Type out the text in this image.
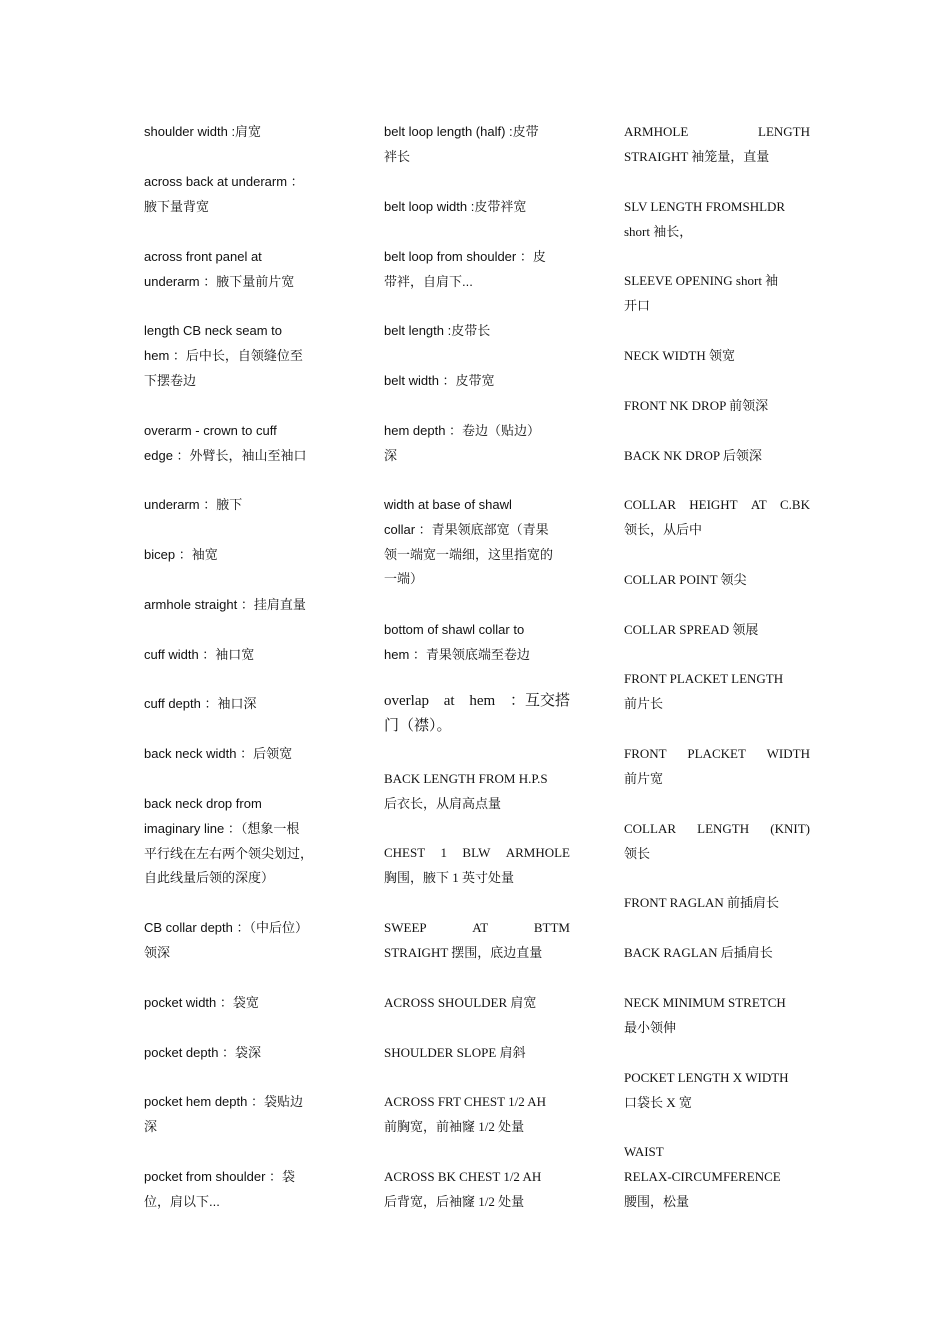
shoulder width :肩宽
across back at underarm ：
腋下量背宽
across front panel at
underarm ：腋下量前片宽
length CB neck seam to
hem ：后中长，自领缝位至
下摆卷边
overarm - crown to cuff
edge ：外臂长，袖山至袖口
underarm ：腋下
bicep ：袖宽
armhole straight ：挂肩直量
cuff width ：袖口宽
cuff depth ：袖口深
back neck width ：后领宽
back neck drop from
imaginary line ：（想象一根
平行线在左右两个领尖划过，
自此线量后领的深度）
CB collar depth ：（中后位）
领深
pocket width ：袋宽
pocket depth ：袋深
pocket hem depth ：袋贴边
深
pocket from shoulder ：袋
位，肩以下...
belt loop length (half) :皮带
袢长
belt loop width :皮带袢宽
belt loop from shoulder ：皮
带袢，自肩下...
belt length :皮带长
belt width ：皮带宽
hem depth ：卷边（贴边）
深
width at base of shawl
collar ：青果领底部宽（青果
领一端宽一端细，这里指宽的
一端）
bottom of shawl collar to
hem ：青果领底端至卷边
overlap at hem ：互交搭
门（襟）。
BACK LENGTH FROM H.P.S
后衣长，从肩高点量
CHEST 1 BLW ARMHOLE
胸围，腋下 1 英寸处量
SWEEP	AT	BTTM
STRAIGHT 摆围，底边直量
ACROSS SHOULDER 肩宽
SHOULDER SLOPE 肩斜
ACROSS FRT CHEST 1/2 AH
前胸宽，前袖窿 1/2 处量
ACROSS BK CHEST 1/2 AH
后背宽，后袖窿 1/2 处量
ARMHOLE	LENGTH
STRAIGHT 袖笼量，直量
SLV LENGTH FROMSHLDR
short 袖长，
SLEEVE OPENING short 袖
开口
NECK WIDTH 领宽
FRONT NK DROP 前领深
BACK NK DROP 后领深
COLLAR HEIGHT AT C.BK
领长，从后中
COLLAR POINT 领尖
COLLAR SPREAD 领展
FRONT PLACKET LENGTH
前片长
FRONT PLACKET WIDTH
前片宽
COLLAR LENGTH (KNIT)
领长
FRONT RAGLAN 前插肩长
BACK RAGLAN 后插肩长
NECK MINIMUM STRETCH
最小领伸
POCKET LENGTH X WIDTH
口袋长 X 宽
WAIST
RELAX-CIRCUMFERENCE
腰围，松量
